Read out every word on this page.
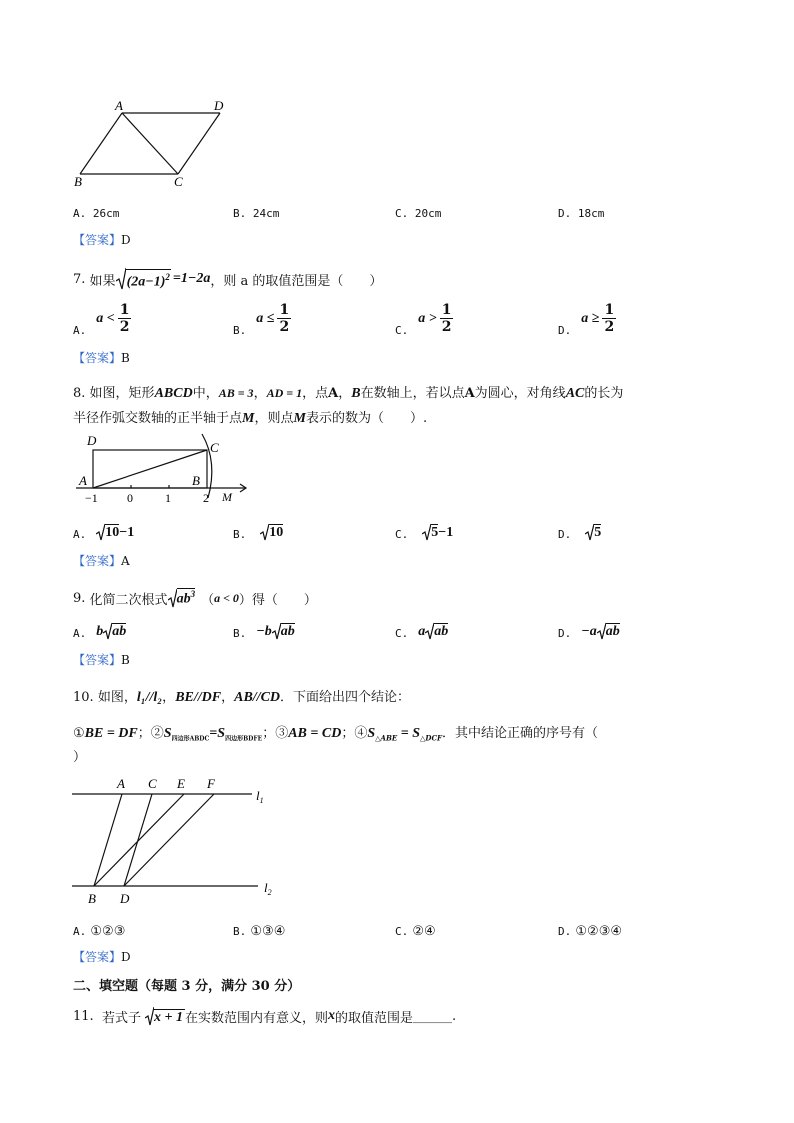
A	D
B	C
A. 26cm	B. 24cm	C. 20cm	D. 18cm
【答案】D
7.
如果 $(2a-1)^2 =1-2a$ ，则 a 的取值范围是（　　）
A.
$a < \frac{1}{2}$	B.
$a \le \frac{1}{2}$	C.
$a > \frac{1}{2}$	D.
$a \ge \frac{1}{2}$
【答案】B
8. 如图，矩形ABCD中，AB = 3，AD = 1，点A，B在数轴上，若以点A为圆心，对角线AC的长为
半径作弧交数轴的正半轴于点M，则点M表示的数为（　　）.
D	C
A	B
M
−1 0	1	2
A. 10 −1	B. 10	C. 5 −1	D. 5
【答案】A
9.
化简二次根式 $ab^3$ （ a < 0 ）得（　　）
A. b ab	B. −b ab	C. a ab	D. −a ab
【答案】B
10. 如图，l₁//l₂，BE//DF，AB//CD．下面给出四个结论：
①BE = DF；$②S_{四边形ABDC}=S_{四边形BDFE}$；③AB = CD；$④S_{\triangle ABE} = S_{\triangle DCF}$．其中结论正确的序号有（
）
A C E F
B D
$l_1$
$l_2$
A. ①②③	B. ①③④	C. ②④	D. ①②③④
【答案】D
二、填空题（每题 3 分，满分 30 分）
11.
若式子 x + 1 在实数范围内有意义，则 x 的取值范围是 ______ .
